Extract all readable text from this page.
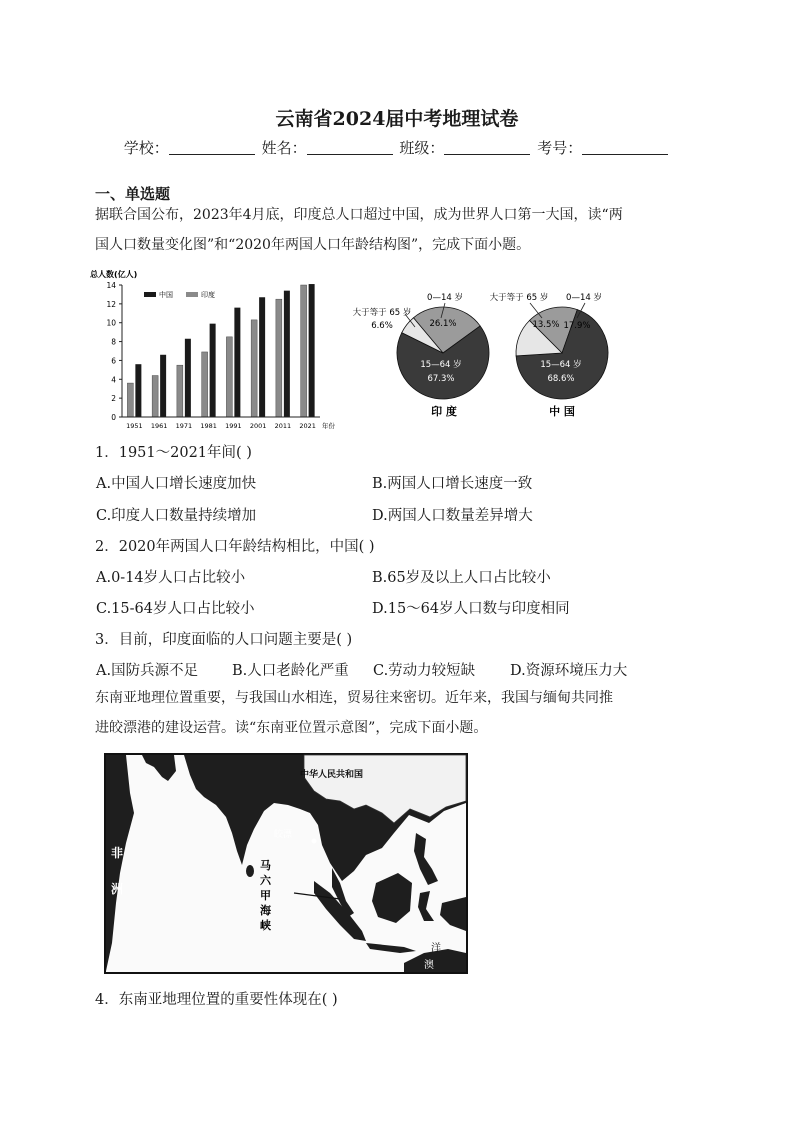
云南省2024届中考地理试卷
学校：	姓名：	班级：	考号：
一、单选题
据联合国公布，2023年4月底，印度总人口超过中国，成为世界人口第一大国，读“两
国人口数量变化图”和“2020年两国人口年龄结构图”，完成下面小题。
总人数(亿人)
0
2
4
6
8
10
12
14
1951 1961 1971 1981 1991 2001 2011 2021 年份
中国	印度	0—14 岁
26.1%
大于等于 65 岁
6.6%
15—64 岁
67.3%
印 度
0—14 岁
17.9%
大于等于 65 岁
13.5%
15—64 岁
68.6%
中 国
1．1951～2021年间( )
A.中国人口增长速度加快	B.两国人口增长速度一致
C.印度人口数量持续增加	D.两国人口数量差异增大
2．2020年两国人口年龄结构相比，中国( )
A.0-14岁人口占比较小	B.65岁及以上人口占比较小
C.15-64岁人口占比较小	D.15～64岁人口数与印度相同
3．目前，印度面临的人口问题主要是( )
A.国防兵源不足 B.人口老龄化严重 C.劳动力较短缺 D.资源环境压力大
东南亚地理位置重要，与我国山水相连，贸易往来密切。近年来，我国与缅甸共同推
进皎漂港的建设运营。读“东南亚位置示意图”，完成下面小题。
中华人民共和国
皎漂
马
六
甲
海
峡
非
洲
洋
澳
4．东南亚地理位置的重要性体现在( )
